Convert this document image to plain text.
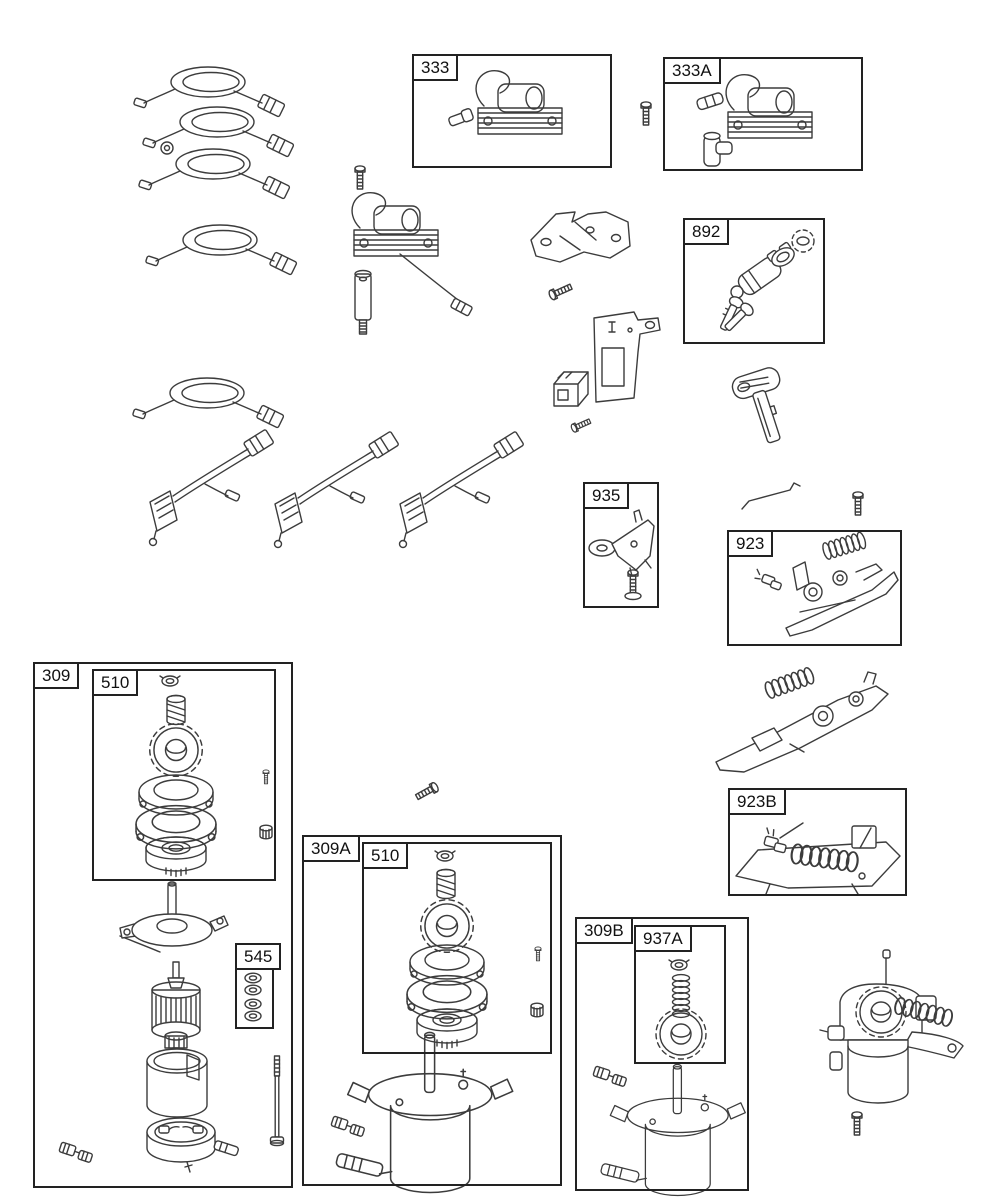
333	333A
892
935
923
923B
309	510
545
309A	510
309B	937A
